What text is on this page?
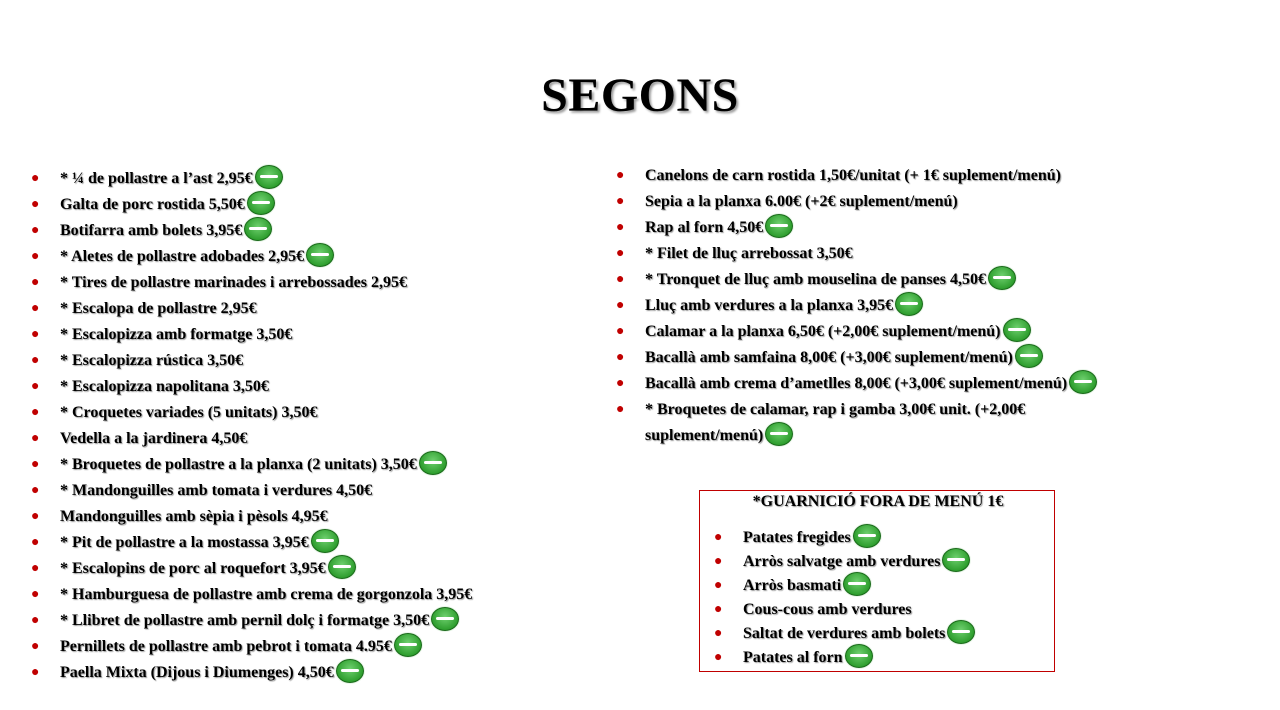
SEGONS
● * ¼ de pollastre a l’ast 2,95€
● Galta de porc rostida 5,50€
● Botifarra amb bolets 3,95€
● * Aletes de pollastre adobades 2,95€
● * Tires de pollastre marinades i arrebossades 2,95€
● * Escalopa de pollastre 2,95€
● * Escalopizza amb formatge 3,50€
● * Escalopizza rústica 3,50€
● * Escalopizza napolitana 3,50€
● * Croquetes variades (5 unitats) 3,50€
● Vedella a la jardinera 4,50€
● * Broquetes de pollastre a la planxa (2 unitats) 3,50€
● * Mandonguilles amb tomata i verdures 4,50€
● Mandonguilles amb sèpia i pèsols 4,95€
● * Pit de pollastre a la mostassa 3,95€
● * Escalopins de porc al roquefort 3,95€
● * Hamburguesa de pollastre amb crema de gorgonzola 3,95€
● * Llibret de pollastre amb pernil dolç i formatge 3,50€
● Pernillets de pollastre amb pebrot i tomata 4.95€
● Paella Mixta (Dijous i Diumenges) 4,50€
● Canelons de carn rostida 1,50€/unitat (+ 1€ suplement/menú)
● Sepia a la planxa 6.00€ (+2€ suplement/menú)
● Rap al forn 4,50€
● * Filet de lluç arrebossat 3,50€
● * Tronquet de lluç amb mouselina de panses 4,50€
● Lluç amb verdures a la planxa 3,95€
● Calamar a la planxa 6,50€ (+2,00€ suplement/menú)
● Bacallà amb samfaina 8,00€ (+3,00€ suplement/menú)
● Bacallà amb crema d’ametlles 8,00€ (+3,00€ suplement/menú)
● * Broquetes de calamar, rap i gamba 3,00€ unit. (+2,00€ suplement/menú)
*GUARNICIÓ FORA DE MENÚ 1€
● Patates fregides
● Arròs salvatge amb verdures
● Arròs basmati
● Cous-cous amb verdures
● Saltat de verdures amb bolets
● Patates al forn
